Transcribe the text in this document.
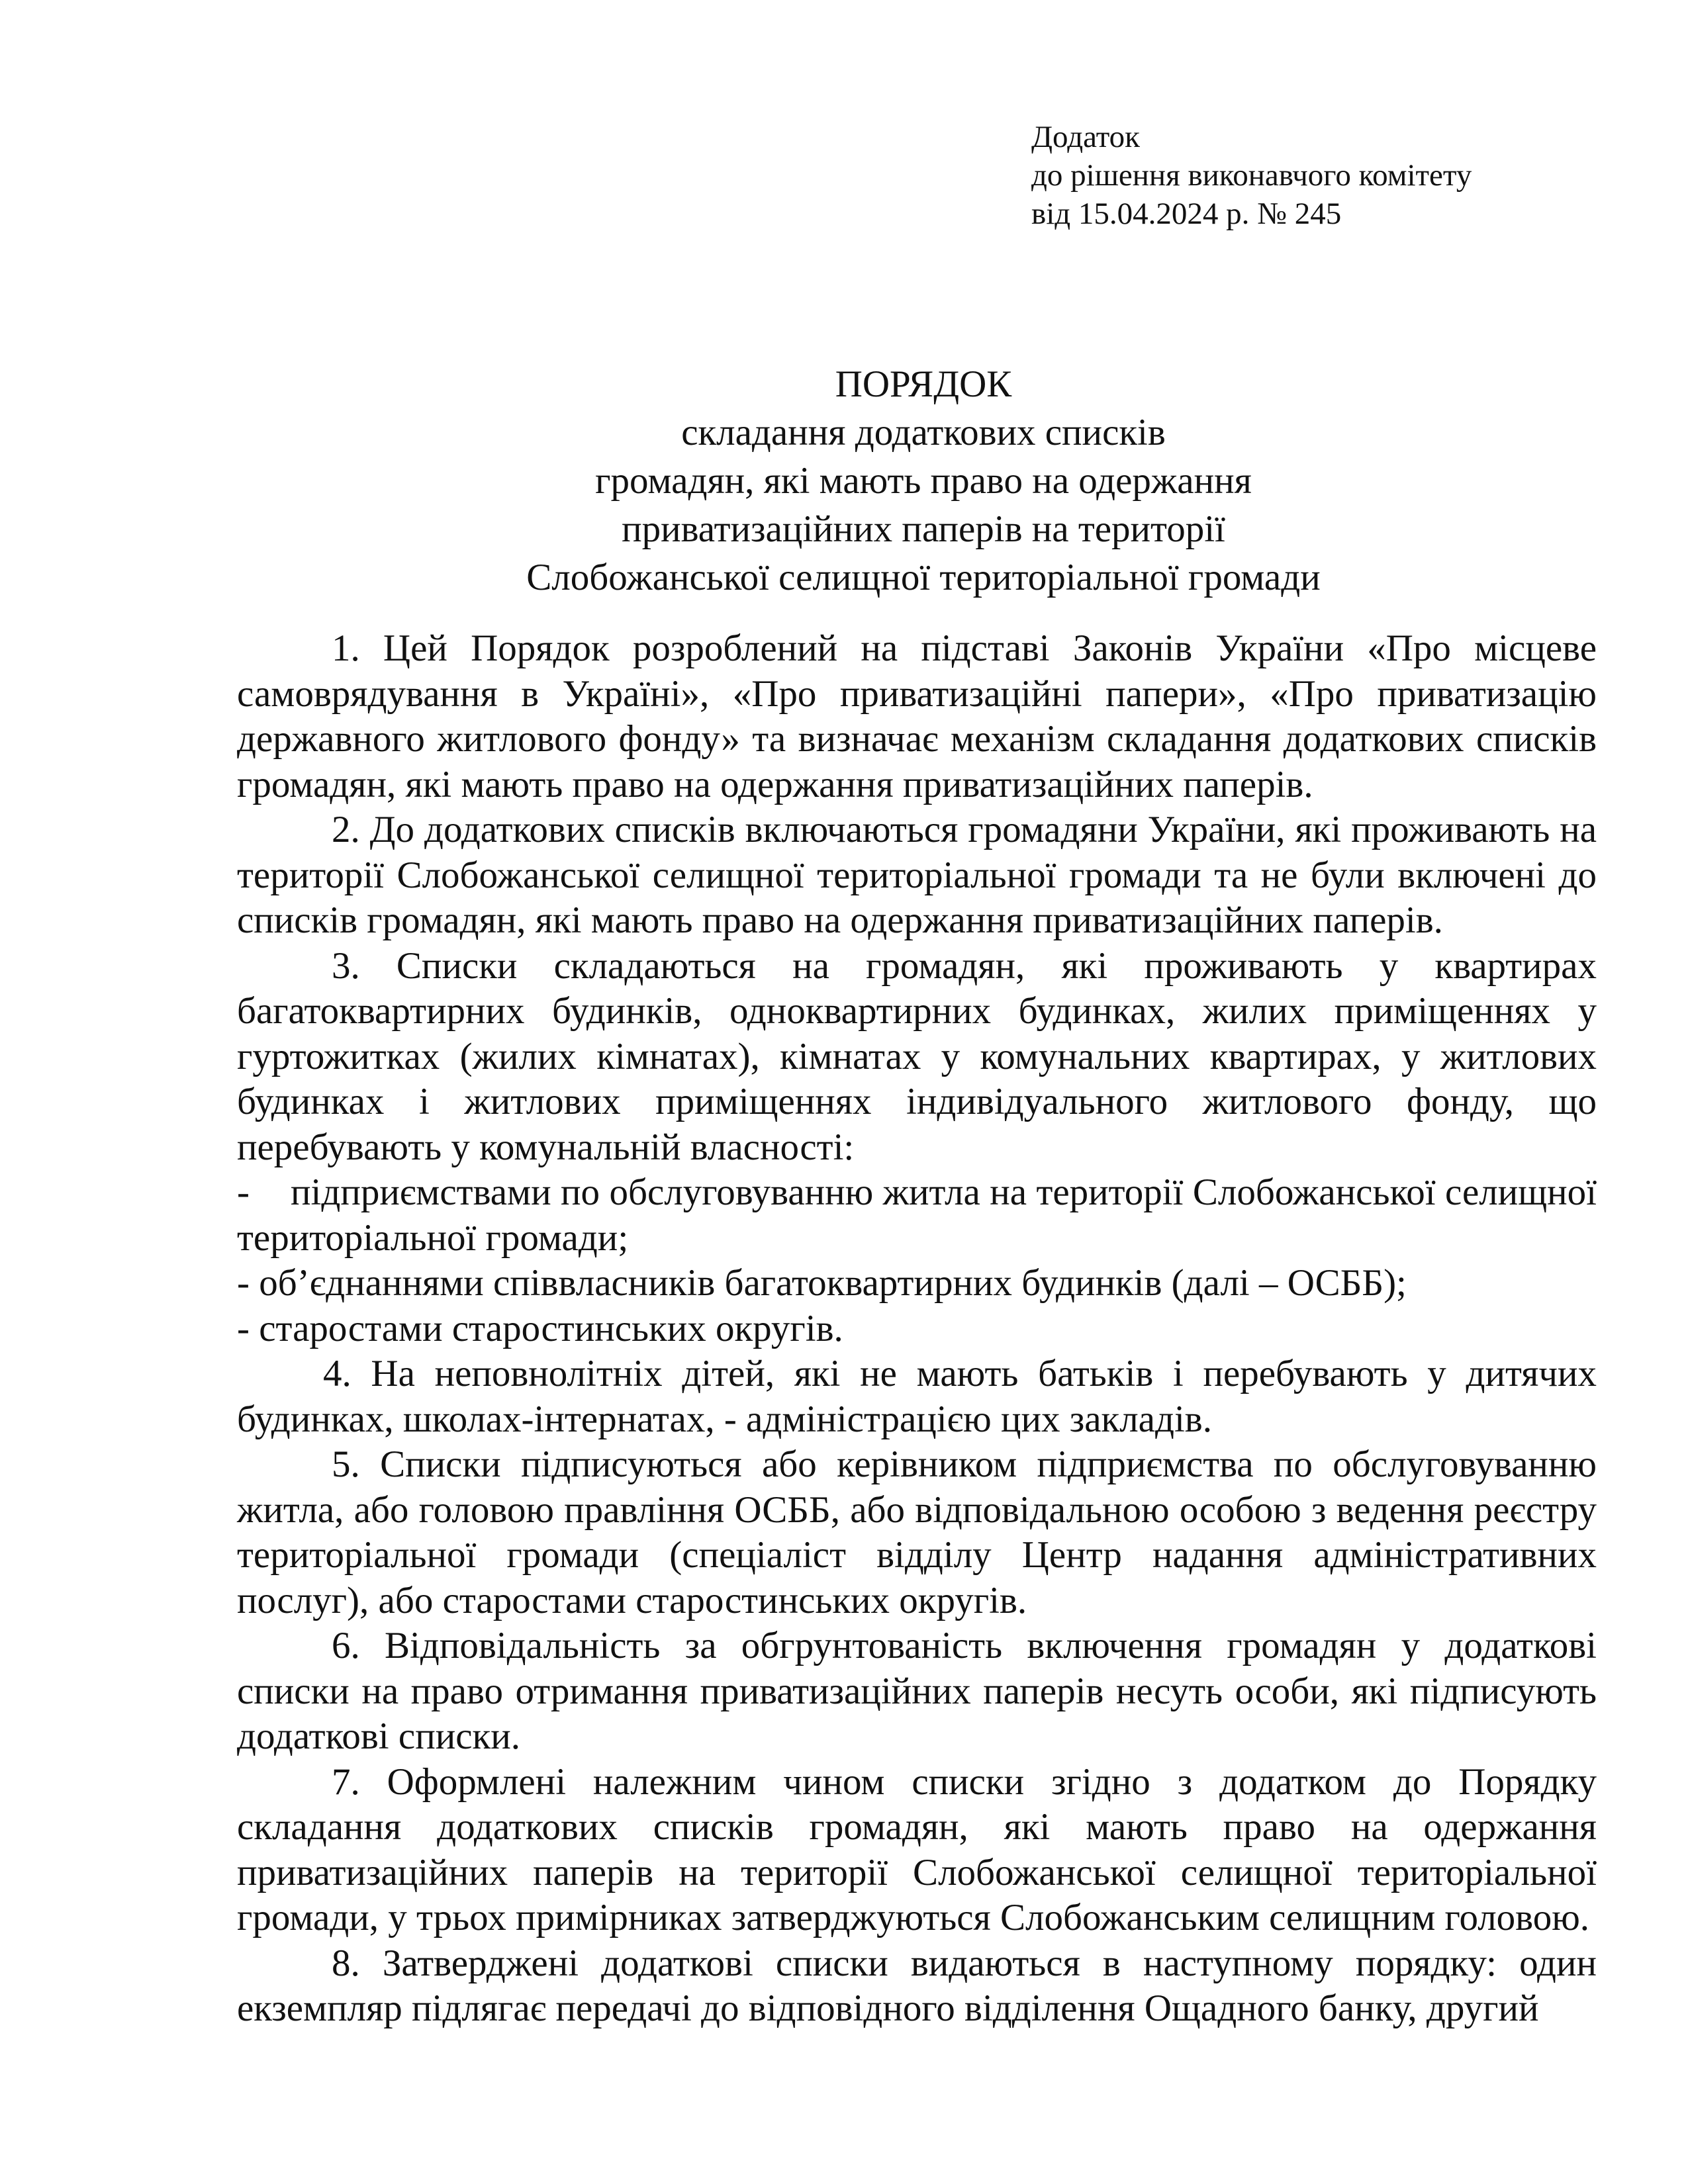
Додаток
до рішення виконавчого комітету
від 15.04.2024 р. № 245
ПОРЯДОК
складання додаткових списків
громадян, які мають право на одержання
приватизаційних паперів на території
Слобожанської селищної територіальної громади

1. Цей Порядок розроблений на підставі Законів України «Про місцеве самоврядування в Україні», «Про приватизаційні папери», «Про приватизацію державного житлового фонду» та визначає механізм складання додаткових списків громадян, які мають право на одержання приватизаційних паперів.

2. До додаткових списків включаються громадяни України, які проживають на території Слобожанської селищної територіальної громади та не були включені до списків громадян, які мають право на одержання приватизаційних паперів.

3. Списки складаються на громадян, які проживають у квартирах багатоквартирних будинків, одноквартирних будинках, жилих приміщеннях у гуртожитках (жилих кімнатах), кімнатах у комунальних квартирах, у житлових будинках і житлових приміщеннях індивідуального житлового фонду, що перебувають у комунальній власності:

- підприємствами по обслуговуванню житла на території Слобожанської селищної територіальної громади;

- об’єднаннями співвласників багатоквартирних будинків (далі – ОСББ);

- старостами старостинських округів.

4. На неповнолітніх дітей, які не мають батьків і перебувають у дитячих будинках, школах-інтернатах, - адміністрацією цих закладів.

5. Списки підписуються або керівником підприємства по обслуговуванню житла, або головою правління ОСББ, або відповідальною особою з ведення реєстру територіальної громади (спеціаліст відділу Центр надання адміністративних послуг), або старостами старостинських округів.

6. Відповідальність за обгрунтованість включення громадян у додаткові списки на право отримання приватизаційних паперів несуть особи, які підписують додаткові списки.

7. Оформлені належним чином списки згідно з додатком до Порядку складання додаткових списків громадян, які мають право на одержання приватизаційних паперів на території Слобожанської селищної територіальної громади, у трьох примірниках затверджуються Слобожанським селищним головою.

8. Затверджені додаткові списки видаються в наступному порядку: один екземпляр підлягає передачі до відповідного відділення Ощадного банку, другий
